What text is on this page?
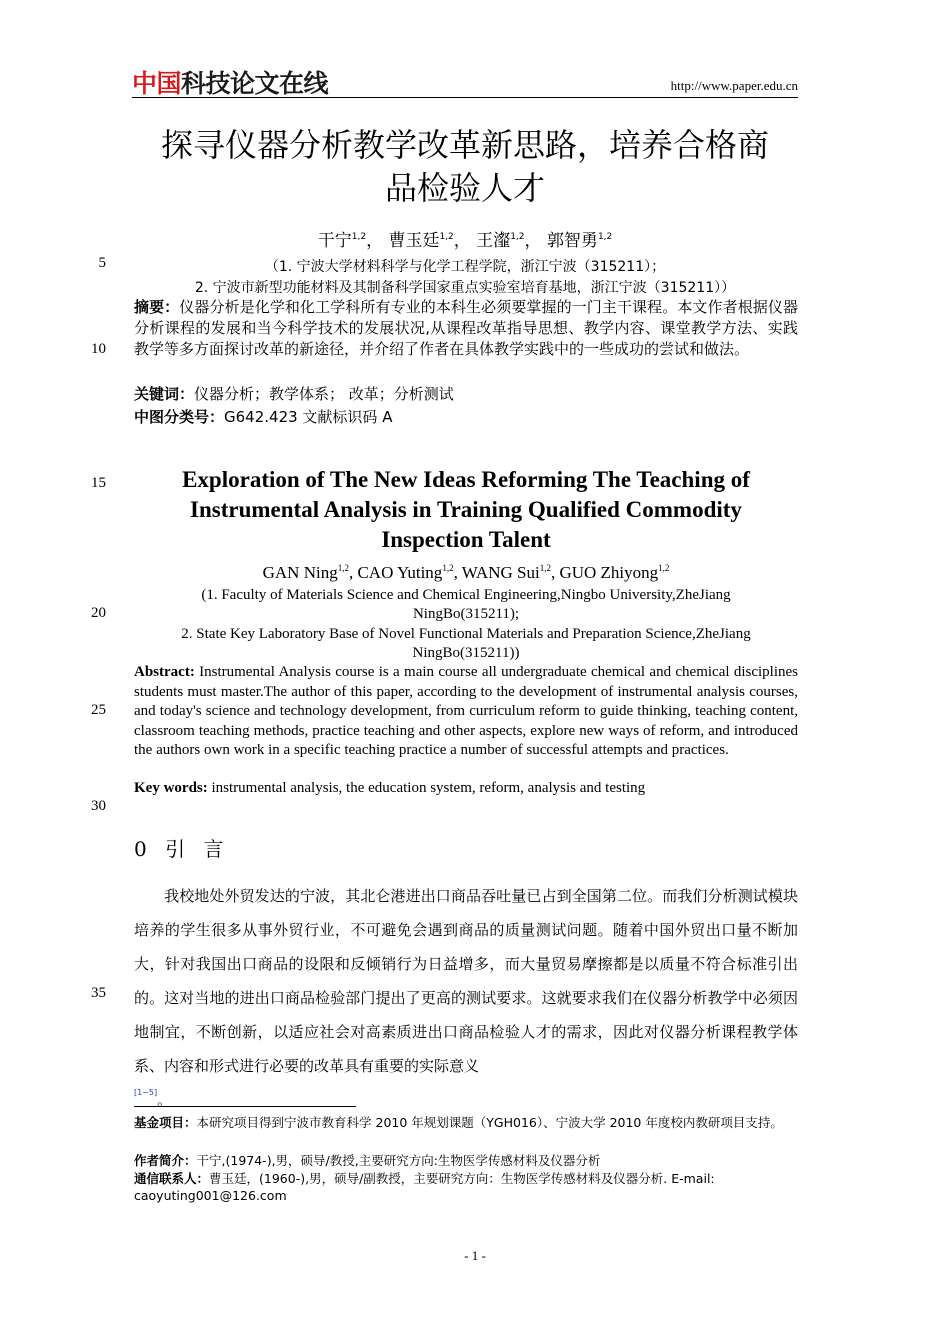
中国科技论文在线	http://www.paper.edu.cn
探寻仪器分析教学改革新思路，培养合格商
品检验人才
干宁$^{1,2}$， 曹玉廷$^{1,2}$， 王瀣$^{1,2}$， 郭智勇$^{1,2}$
（1. 宁波大学材料科学与化学工程学院，浙江宁波（315211）；
2. 宁波市新型功能材料及其制备科学国家重点实验室培育基地，浙江宁波（315211））
摘要：仪器分析是化学和化工学科所有专业的本科生必须要掌握的一门主干课程。本文作者根据仪器分析课程的发展和当今科学技术的发展状况,从课程改革指导思想、教学内容、课堂教学方法、实践教学等多方面探讨改革的新途径，并介绍了作者在具体教学实践中的一些成功的尝试和做法。
关键词：仪器分析；教学体系； 改革；分析测试
中图分类号：G642.423 文献标识码 A
5
10
15
20
25
30
35
Exploration of The New Ideas Reforming The Teaching of
Instrumental Analysis in Training Qualified Commodity
Inspection Talent
GAN Ning$^{1,2}$, CAO Yuting$^{1,2}$, WANG Sui$^{1,2}$, GUO Zhiyong$^{1,2}$
(1. Faculty of Materials Science and Chemical Engineering,Ningbo University,ZheJiang
NingBo(315211);
2. State Key Laboratory Base of Novel Functional Materials and Preparation Science,ZheJiang
NingBo(315211))
Abstract: Instrumental Analysis course is a main course all undergraduate chemical and chemical disciplines students must master.The author of this paper, according to the development of instrumental analysis courses, and today's science and technology development, from curriculum reform to guide thinking, teaching content, classroom teaching methods, practice teaching and other aspects, explore new ways of reform, and introduced the authors own work in a specific teaching practice a number of successful attempts and practices.
Key words: instrumental analysis, the education system, reform, analysis and testing
0 引 言
我校地处外贸发达的宁波，其北仑港进出口商品吞吐量已占到全国第二位。而我们分析测试模块培养的学生很多从事外贸行业，不可避免会遇到商品的质量测试问题。随着中国外贸出口量不断加大，针对我国出口商品的设限和反倾销行为日益增多，而大量贸易摩擦都是以质量不符合标准引出的。这对当地的进出口商品检验部门提出了更高的测试要求。这就要求我们在仪器分析教学中必须因地制宜，不断创新，以适应社会对高素质进出口商品检验人才的需求，因此对仪器分析课程教学体系、内容和形式进行必要的改革具有重要的实际意义
[1~5]。
基金项目：本研究项目得到宁波市教育科学 2010 年规划课题（YGH016）、宁波大学 2010 年度校内教研项目支持。
作者简介：干宁,(1974-),男，硕导/教授,主要研究方向:生物医学传感材料及仪器分析
通信联系人：曹玉廷，(1960-),男，硕导/副教授，主要研究方向：生物医学传感材料及仪器分析. E-mail: caoyuting001@126.com
- 1 -
